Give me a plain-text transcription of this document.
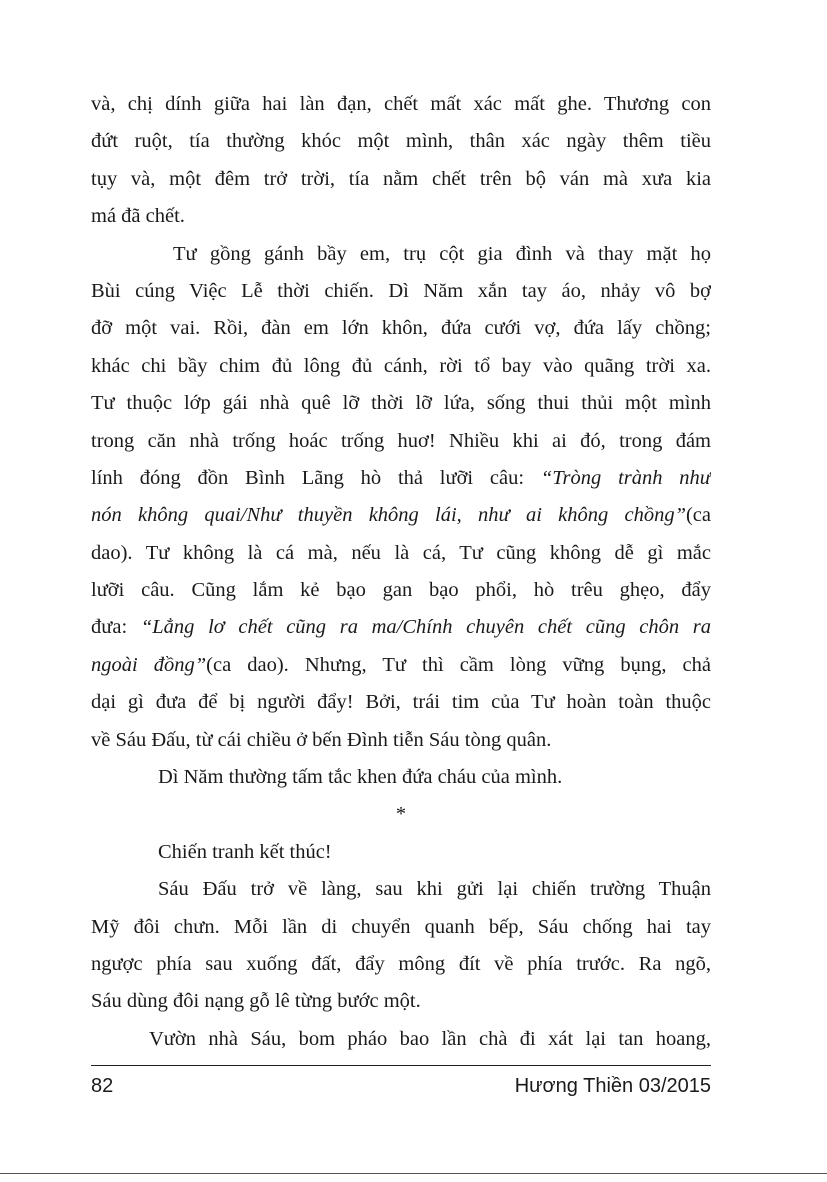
và, chị dính giữa hai làn đạn, chết mất xác mất ghe. Thương con
đứt ruột, tía thường khóc một mình, thân xác ngày thêm tiều
tụy và, một đêm trở trời, tía nằm chết trên bộ ván mà xưa kia
má đã chết.
Tư gồng gánh bầy em, trụ cột gia đình và thay mặt họ
Bùi cúng Việc Lễ thời chiến. Dì Năm xắn tay áo, nhảy vô bợ
đỡ một vai. Rồi, đàn em lớn khôn, đứa cưới vợ, đứa lấy chồng;
khác chi bầy chim đủ lông đủ cánh, rời tổ bay vào quãng trời xa.
Tư thuộc lớp gái nhà quê lỡ thời lỡ lứa, sống thui thủi một mình
trong căn nhà trống hoác trống huơ! Nhiều khi ai đó, trong đám
lính đóng đồn Bình Lãng hò thả lưỡi câu: “Tròng trành như
nón không quai/Như thuyền không lái, như ai không chồng”(ca
dao). Tư không là cá mà, nếu là cá, Tư cũng không dễ gì mắc
lưỡi câu. Cũng lắm kẻ bạo gan bạo phổi, hò trêu ghẹo, đẩy
đưa: “Lẳng lơ chết cũng ra ma/Chính chuyên chết cũng chôn ra
ngoài đồng”(ca dao). Nhưng, Tư thì cầm lòng vững bụng, chả
dại gì đưa để bị người đẩy! Bởi, trái tim của Tư hoàn toàn thuộc
về Sáu Đấu, từ cái chiều ở bến Đình tiễn Sáu tòng quân.
Dì Năm thường tấm tắc khen đứa cháu của mình.
*
Chiến tranh kết thúc!
Sáu Đấu trở về làng, sau khi gửi lại chiến trường Thuận
Mỹ đôi chưn. Mỗi lần di chuyển quanh bếp, Sáu chống hai tay
ngược phía sau xuống đất, đẩy mông đít về phía trước. Ra ngõ,
Sáu dùng đôi nạng gỗ lê từng bước một.
Vườn nhà Sáu, bom pháo bao lần chà đi xát lại tan hoang,
82	Hương Thiền 03/2015
